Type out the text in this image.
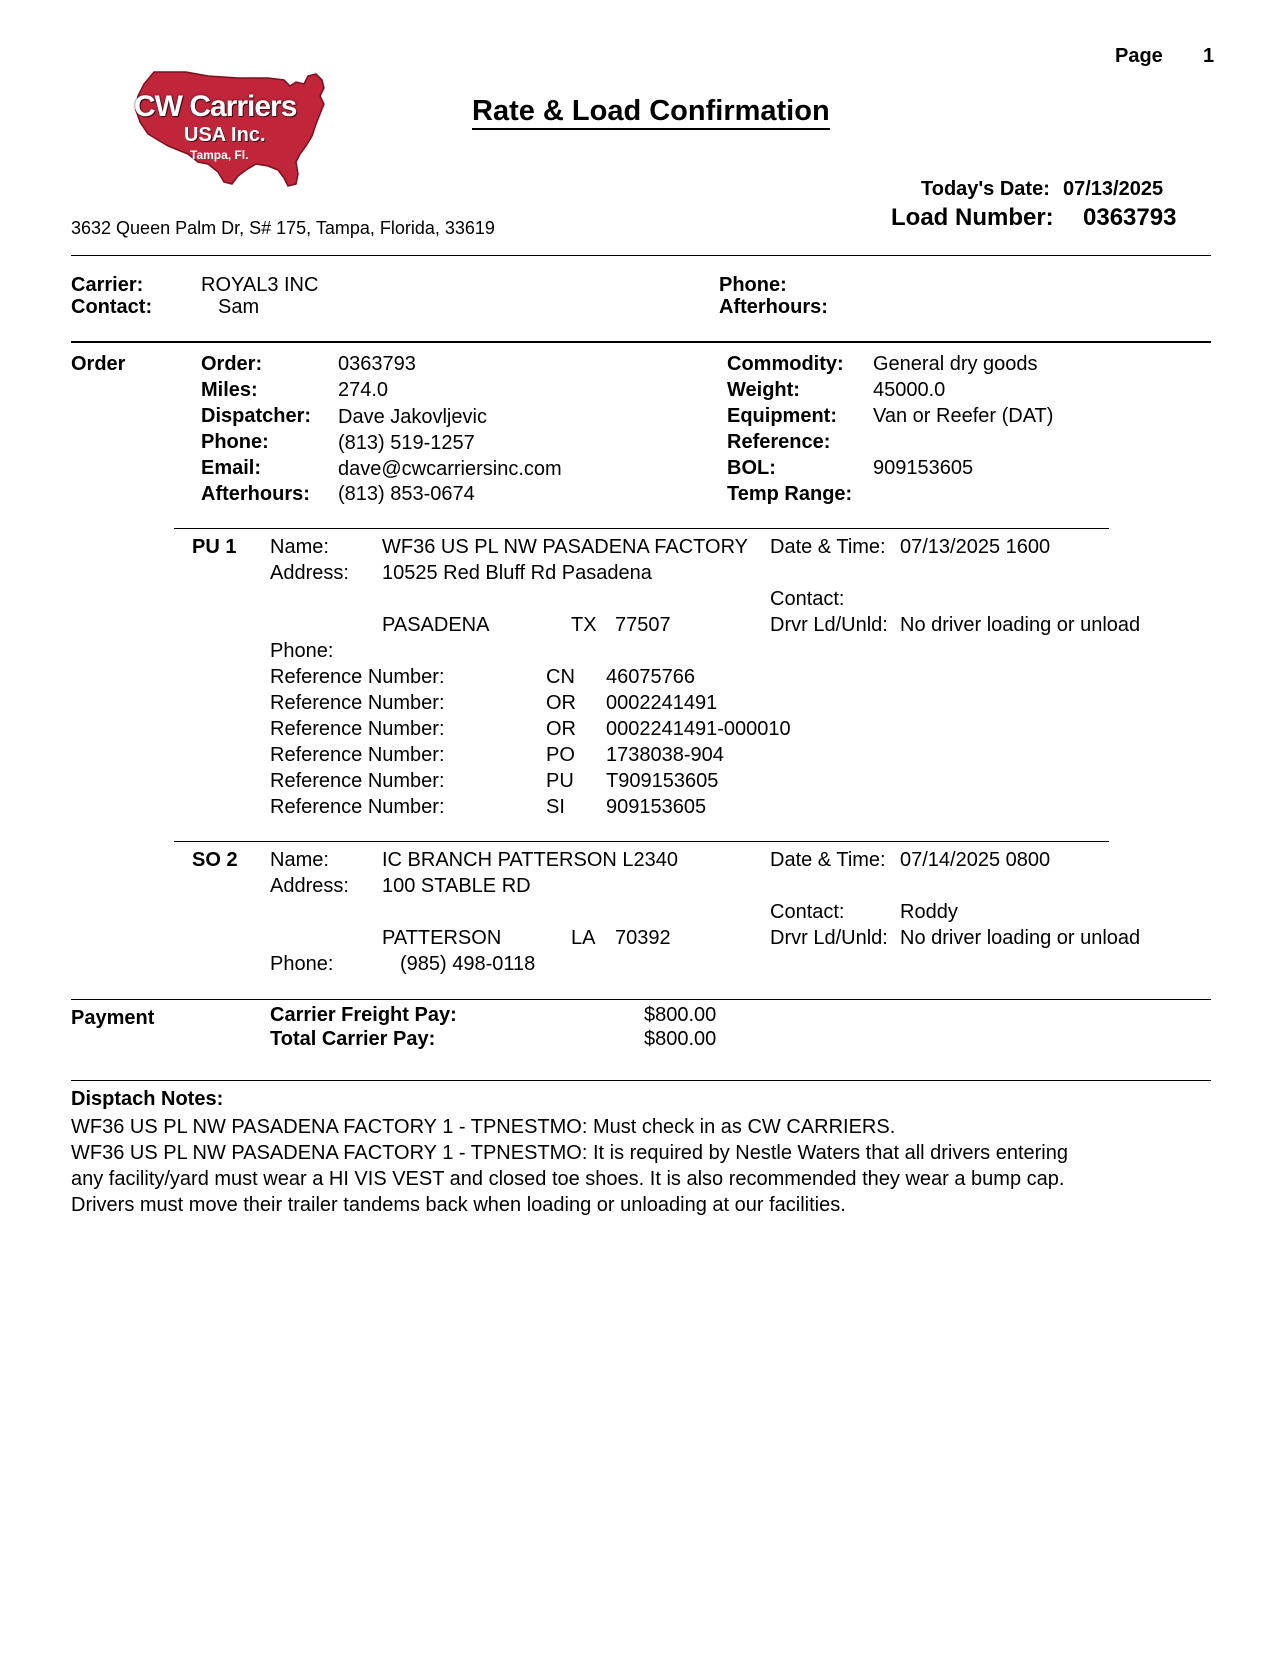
Page 1
CW Carriers
USA Inc.
Tampa, Fl.
Rate & Load Confirmation
Today's Date: 07/13/2025
3632 Queen Palm Dr, S# 175, Tampa, Florida, 33619	Load Number: 0363793
Carrier:	ROYAL3 INC
Contact:	Sam
Phone:
Afterhours:
Order	Order:	0363793
Miles:	274.0
Dispatcher: Dave Jakovljevic
Phone:	(813) 519-1257
Email:	dave@cwcarriersinc.com
Afterhours: (813) 853-0674
Commodity: General dry goods
Weight:	45000.0
Equipment: Van or Reefer (DAT)
Reference:
BOL:	909153605
Temp Range:
PU 1 Name:	WF36 US PL NW PASADENA FACTORY Date & Time: 07/13/2025 1600
Address: 10525 Red Bluff Rd Pasadena
Contact:
PASADENA	TX 77507	Drvr Ld/Unld: No driver loading or unload
Phone:
Reference Number:	CN 46075766
Reference Number:	OR 0002241491
Reference Number:	OR 0002241491-000010
Reference Number:	PO 1738038-904
Reference Number:	PU T909153605
Reference Number:	SI 909153605
SO 2 Name:	IC BRANCH PATTERSON L2340	Date & Time: 07/14/2025 0800
Address: 100 STABLE RD
Contact:	Roddy
PATTERSON	LA 70392	Drvr Ld/Unld: No driver loading or unload
Phone:	(985) 498-0118
Payment	Carrier Freight Pay:	$800.00
Total Carrier Pay:	$800.00
Disptach Notes:

WF36 US PL NW PASADENA FACTORY 1 - TPNESTMO: Must check in as CW CARRIERS.

WF36 US PL NW PASADENA FACTORY 1 - TPNESTMO: It is required by Nestle Waters that all drivers entering

any facility/yard must wear a HI VIS VEST and closed toe shoes. It is also recommended they wear a bump cap.

Drivers must move their trailer tandems back when loading or unloading at our facilities.
